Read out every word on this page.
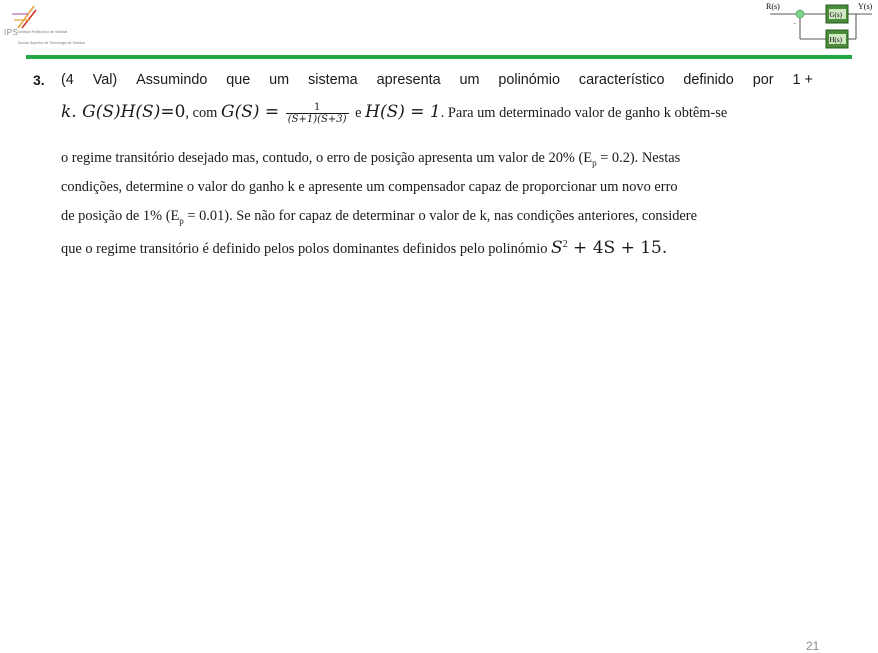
IPS Instituto Politécnico de Setúbal
Escola Superior de Tecnologia de Setúbal
R(s)	Y(s)
−
G(s)
H(s)
3. (4 Val) Assumindo que um sistema apresenta um polinómio característico definido por 1 +
k. G(S)H(S)=0, com $G(S) = \frac{1}{(S+1)(S+3)}$ e H(S) = 1. Para um determinado valor de ganho k obtêm-se
o regime transitório desejado mas, contudo, o erro de posição apresenta um valor de 20% $(E_p = 0.2)$. Nestas
condições, determine o valor do ganho k e apresente um compensador capaz de proporcionar um novo erro
de posição de 1% $(E_p = 0.01)$. Se não for capaz de determinar o valor de k, nas condições anteriores, considere
que o regime transitório é definido pelos polos dominantes definidos pelo polinómio $S^2 + 4S + 15$.
21
